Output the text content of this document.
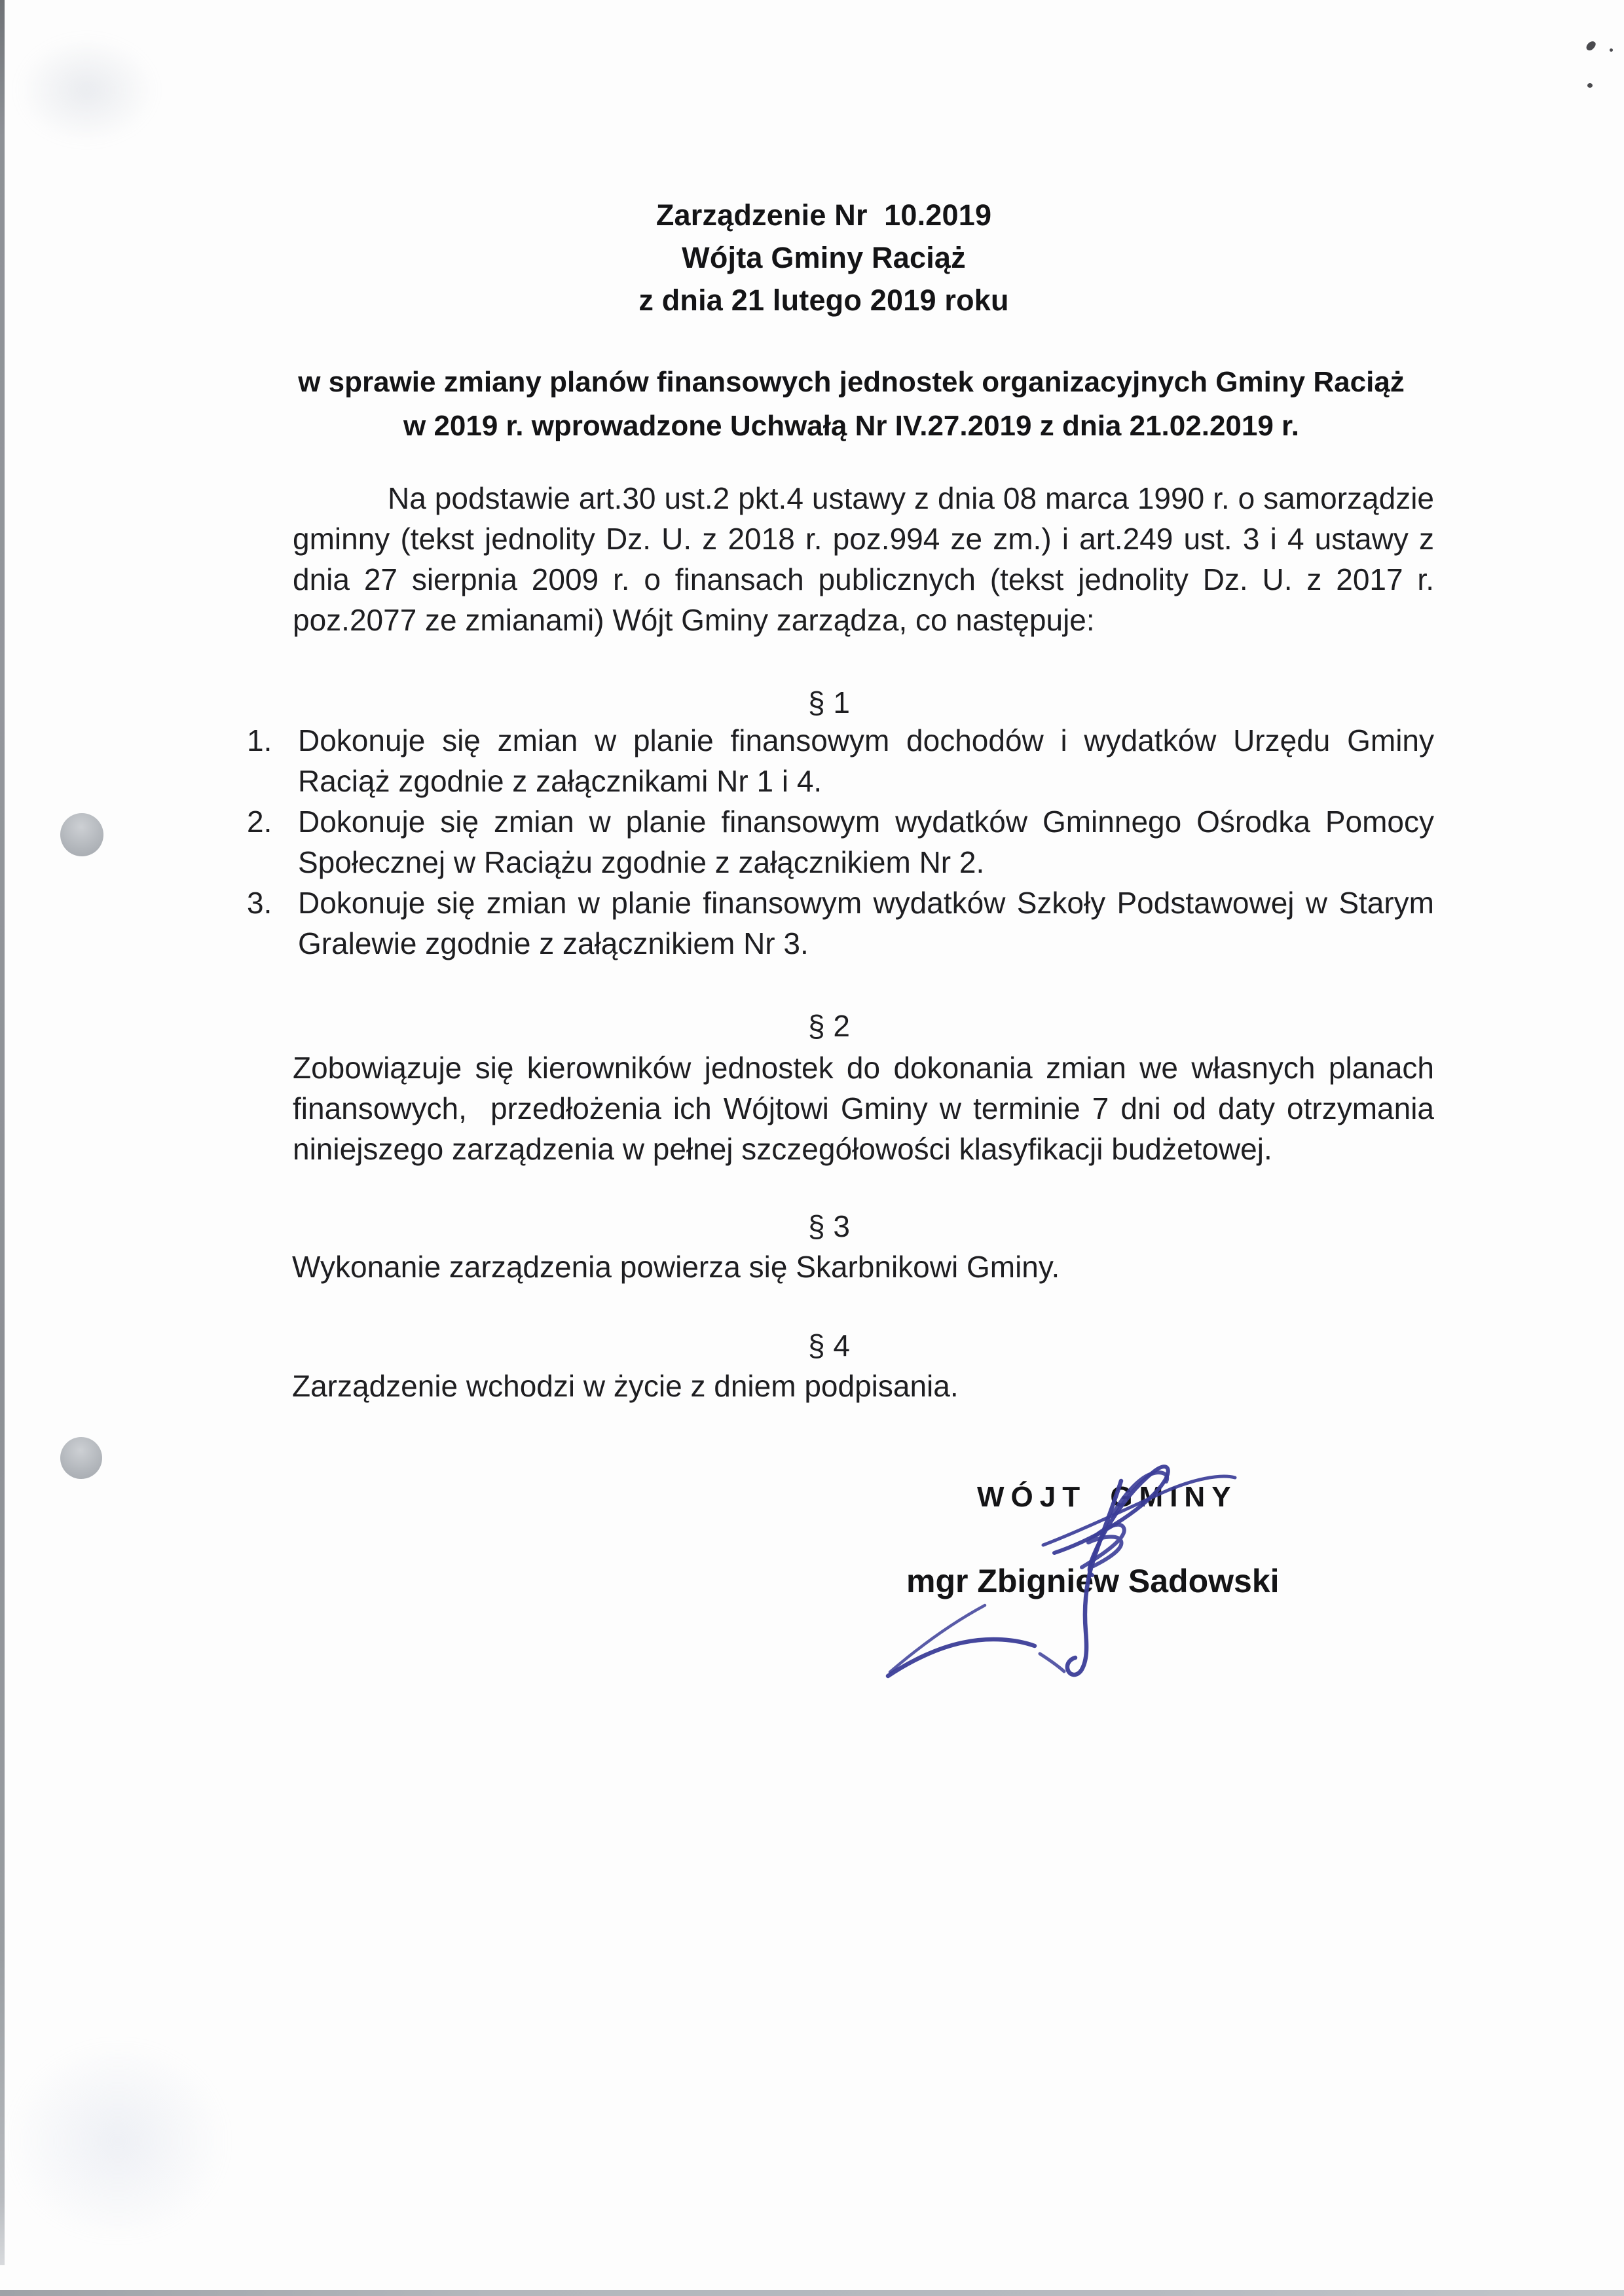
Zarządzenie Nr  10.2019
Wójta Gminy Raciąż
z dnia 21 lutego 2019 roku
w sprawie zmiany planów finansowych jednostek organizacyjnych Gminy Raciąż
w 2019 r. wprowadzone Uchwałą Nr IV.27.2019 z dnia 21.02.2019 r.
Na podstawie art.30 ust.2 pkt.4 ustawy z dnia 08 marca 1990 r. o samorządzie
gminny (tekst jednolity Dz. U. z 2018 r. poz.994 ze zm.) i art.249 ust. 3 i 4 ustawy z
dnia 27 sierpnia 2009 r. o finansach publicznych (tekst jednolity Dz. U. z 2017 r.
poz.2077 ze zmianami) Wójt Gminy zarządza, co następuje:
§ 1
1. Dokonuje się zmian w planie finansowym dochodów i wydatków Urzędu Gminy
Raciąż zgodnie z załącznikami Nr 1 i 4.
2. Dokonuje się zmian w planie finansowym wydatków Gminnego Ośrodka Pomocy
Społecznej w Raciążu zgodnie z załącznikiem Nr 2.
3. Dokonuje się zmian w planie finansowym wydatków Szkoły Podstawowej w Starym
Gralewie zgodnie z załącznikiem Nr 3.
§ 2
Zobowiązuje się kierowników jednostek do dokonania zmian we własnych planach
finansowych,  przedłożenia ich Wójtowi Gminy w terminie 7 dni od daty otrzymania
niniejszego zarządzenia w pełnej szczegółowości klasyfikacji budżetowej.
§ 3
Wykonanie zarządzenia powierza się Skarbnikowi Gminy.
§ 4
Zarządzenie wchodzi w życie z dniem podpisania.
WÓJT GMINY
mgr Zbigniew Sadowski
